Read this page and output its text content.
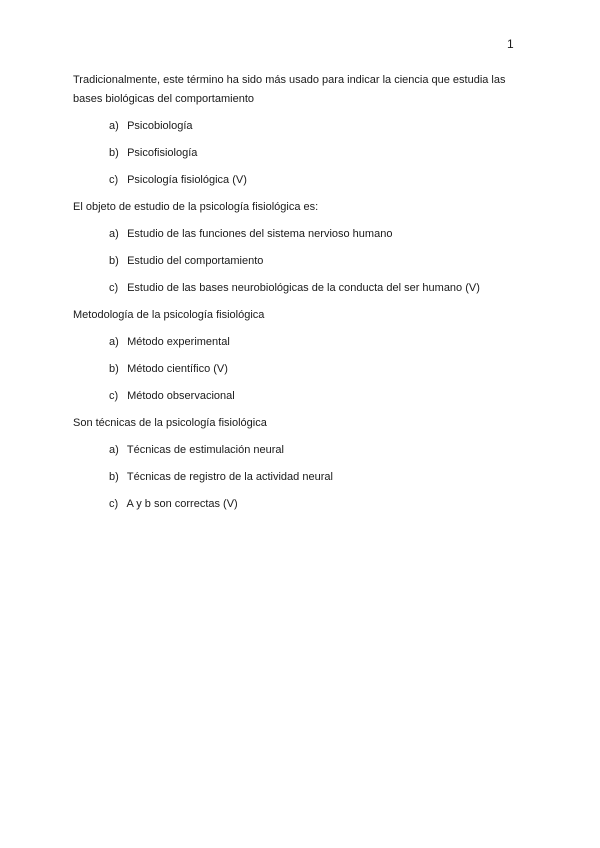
1

Tradicionalmente, este término ha sido más usado para indicar la ciencia que estudia las bases biológicas del comportamiento

a) Psicobiología
b) Psicofisiología
c) Psicología fisiológica (V)

El objeto de estudio de la psicología fisiológica es:

a) Estudio de las funciones del sistema nervioso humano
b) Estudio del comportamiento
c) Estudio de las bases neurobiológicas de la conducta del ser humano (V)

Metodología de la psicología fisiológica

a) Método experimental
b) Método científico (V)
c) Método observacional

Son técnicas de la psicología fisiológica

a) Técnicas de estimulación neural
b) Técnicas de registro de la actividad neural
c) A y b son correctas (V)
